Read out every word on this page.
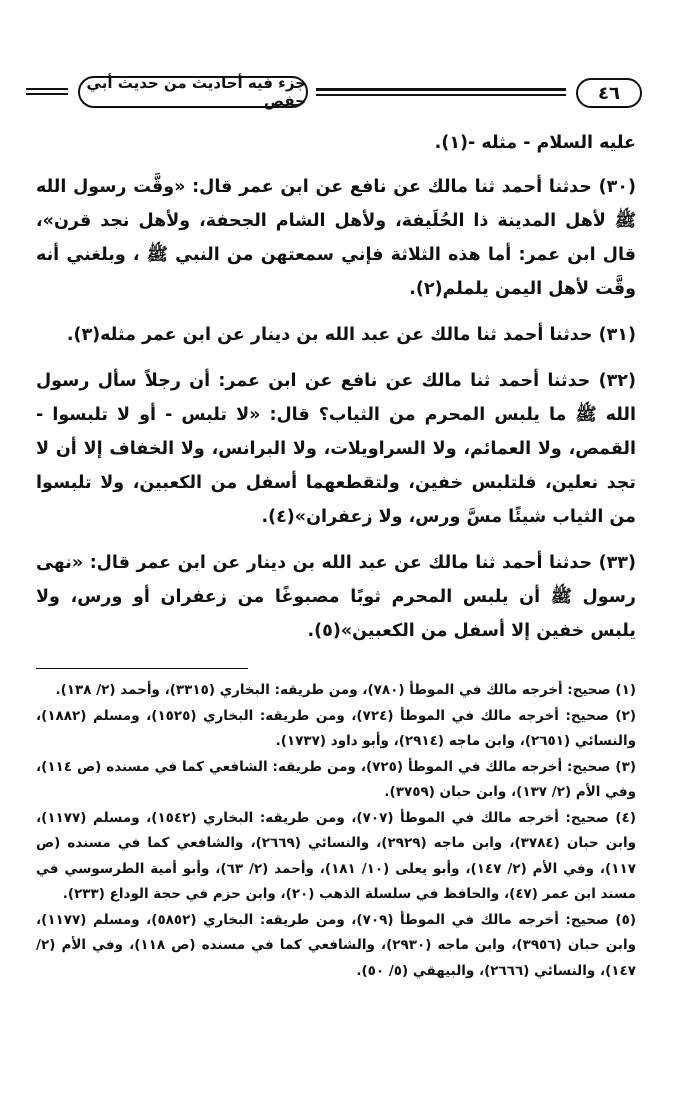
جزء فيه أحاديث من حديث أبي حفص	٤٦

عليه السلام - مثله -(١).

(٣٠) حدثنا أحمد ثنا مالك عن نافع عن ابن عمر قال: «وقَّت رسول الله ﷺ لأهل المدينة ذا الحُلَيفة، ولأهل الشام الجحفة، ولأهل نجد قرن»، قال ابن عمر: أما هذه الثلاثة فإني سمعتهن من النبي ﷺ ، وبلغني أنه وقَّت لأهل اليمن يلملم(٢).

(٣١) حدثنا أحمد ثنا مالك عن عبد الله بن دينار عن ابن عمر مثله(٣).

(٣٢) حدثنا أحمد ثنا مالك عن نافع عن ابن عمر: أن رجلاً سأل رسول الله ﷺ ما يلبس المحرم من الثياب؟ قال: «لا تلبس - أو لا تلبسوا - القمص، ولا العمائم، ولا السراويلات، ولا البرانس، ولا الخفاف إلا أن لا تجد نعلين، فلتلبس خفين، ولتقطعهما أسفل من الكعبين، ولا تلبسوا من الثياب شيئًا مسَّ ورس، ولا زعفران»(٤).

(٣٣) حدثنا أحمد ثنا مالك عن عبد الله بن دينار عن ابن عمر قال: «نهى رسول ﷺ أن يلبس المحرم ثوبًا مصبوغًا من زعفران أو ورس، ولا يلبس خفين إلا أسفل من الكعبين»(٥).

(١) صحيح: أخرجه مالك في الموطأ (٧٨٠)، ومن طريقه: البخاري (٣٣١٥)، وأحمد (٢/ ١٣٨).

(٢) صحيح: أخرجه مالك في الموطأ (٧٢٤)، ومن طريقه: البخاري (١٥٢٥)، ومسلم (١٨٨٢)، والنسائي (٢٦٥١)، وابن ماجه (٢٩١٤)، وأبو داود (١٧٣٧).

(٣) صحيح: أخرجه مالك في الموطأ (٧٢٥)، ومن طريقه: الشافعي كما في مسنده (ص ١١٤)، وفي الأم (٢/ ١٣٧)، وابن حبان (٣٧٥٩).

(٤) صحيح: أخرجه مالك في الموطأ (٧٠٧)، ومن طريقه: البخاري (١٥٤٢)، ومسلم (١١٧٧)، وابن حبان (٣٧٨٤)، وابن ماجه (٢٩٢٩)، والنسائي (٢٦٦٩)، والشافعي كما في مسنده (ص ١١٧)، وفي الأم (٢/ ١٤٧)، وأبو يعلى (١٠/ ١٨١)، وأحمد (٢/ ٦٣)، وأبو أمية الطرسوسي في مسند ابن عمر (٤٧)، والحافظ في سلسلة الذهب (٢٠)، وابن حزم في حجة الوداع (٢٣٣).

(٥) صحيح: أخرجه مالك في الموطأ (٧٠٩)، ومن طريقه: البخاري (٥٨٥٢)، ومسلم (١١٧٧)، وابن حبان (٣٩٥٦)، وابن ماجه (٢٩٣٠)، والشافعي كما في مسنده (ص ١١٨)، وفي الأم (٢/ ١٤٧)، والنسائي (٢٦٦٦)، والبيهقي (٥/ ٥٠).
